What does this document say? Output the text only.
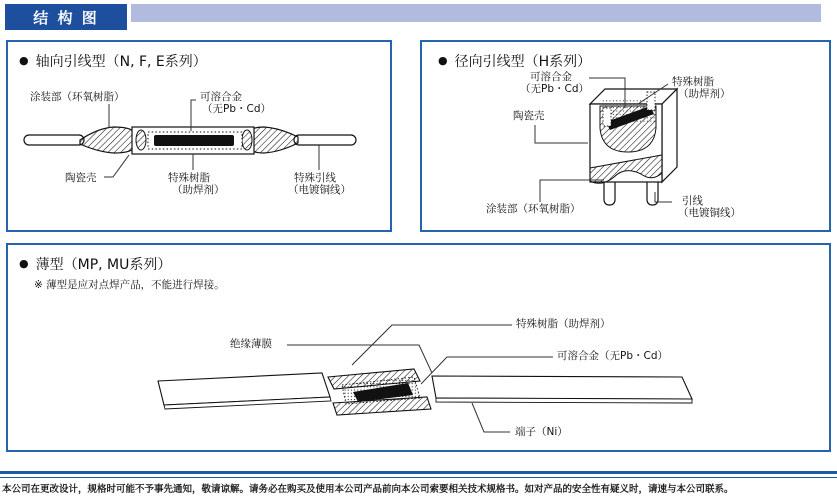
结 构 图
● 轴向引线型（N, F, E系列）
涂装部（环氧树脂）	可溶合金
（无Pb・Cd）
陶瓷壳	特殊树脂
（助焊剂）
特殊引线
（电镀铜线）
● 径向引线型（H系列）
可溶合金
（无Pb・Cd）
特殊树脂
（助焊剂）
陶瓷壳
涂装部（环氧树脂）
引线
（电镀铜线）
● 薄型（MP, MU系列）
※ 薄型是应对点焊产品，不能进行焊接。
绝缘薄膜
特殊树脂（助焊剂）
可溶合金（无Pb・Cd）
端子（Ni）
本公司在更改设计，规格时可能不予事先通知，敬请谅解。请务必在购买及使用本公司产品前向本公司索要相关技术规格书。如对产品的安全性有疑义时，请速与本公司联系。
